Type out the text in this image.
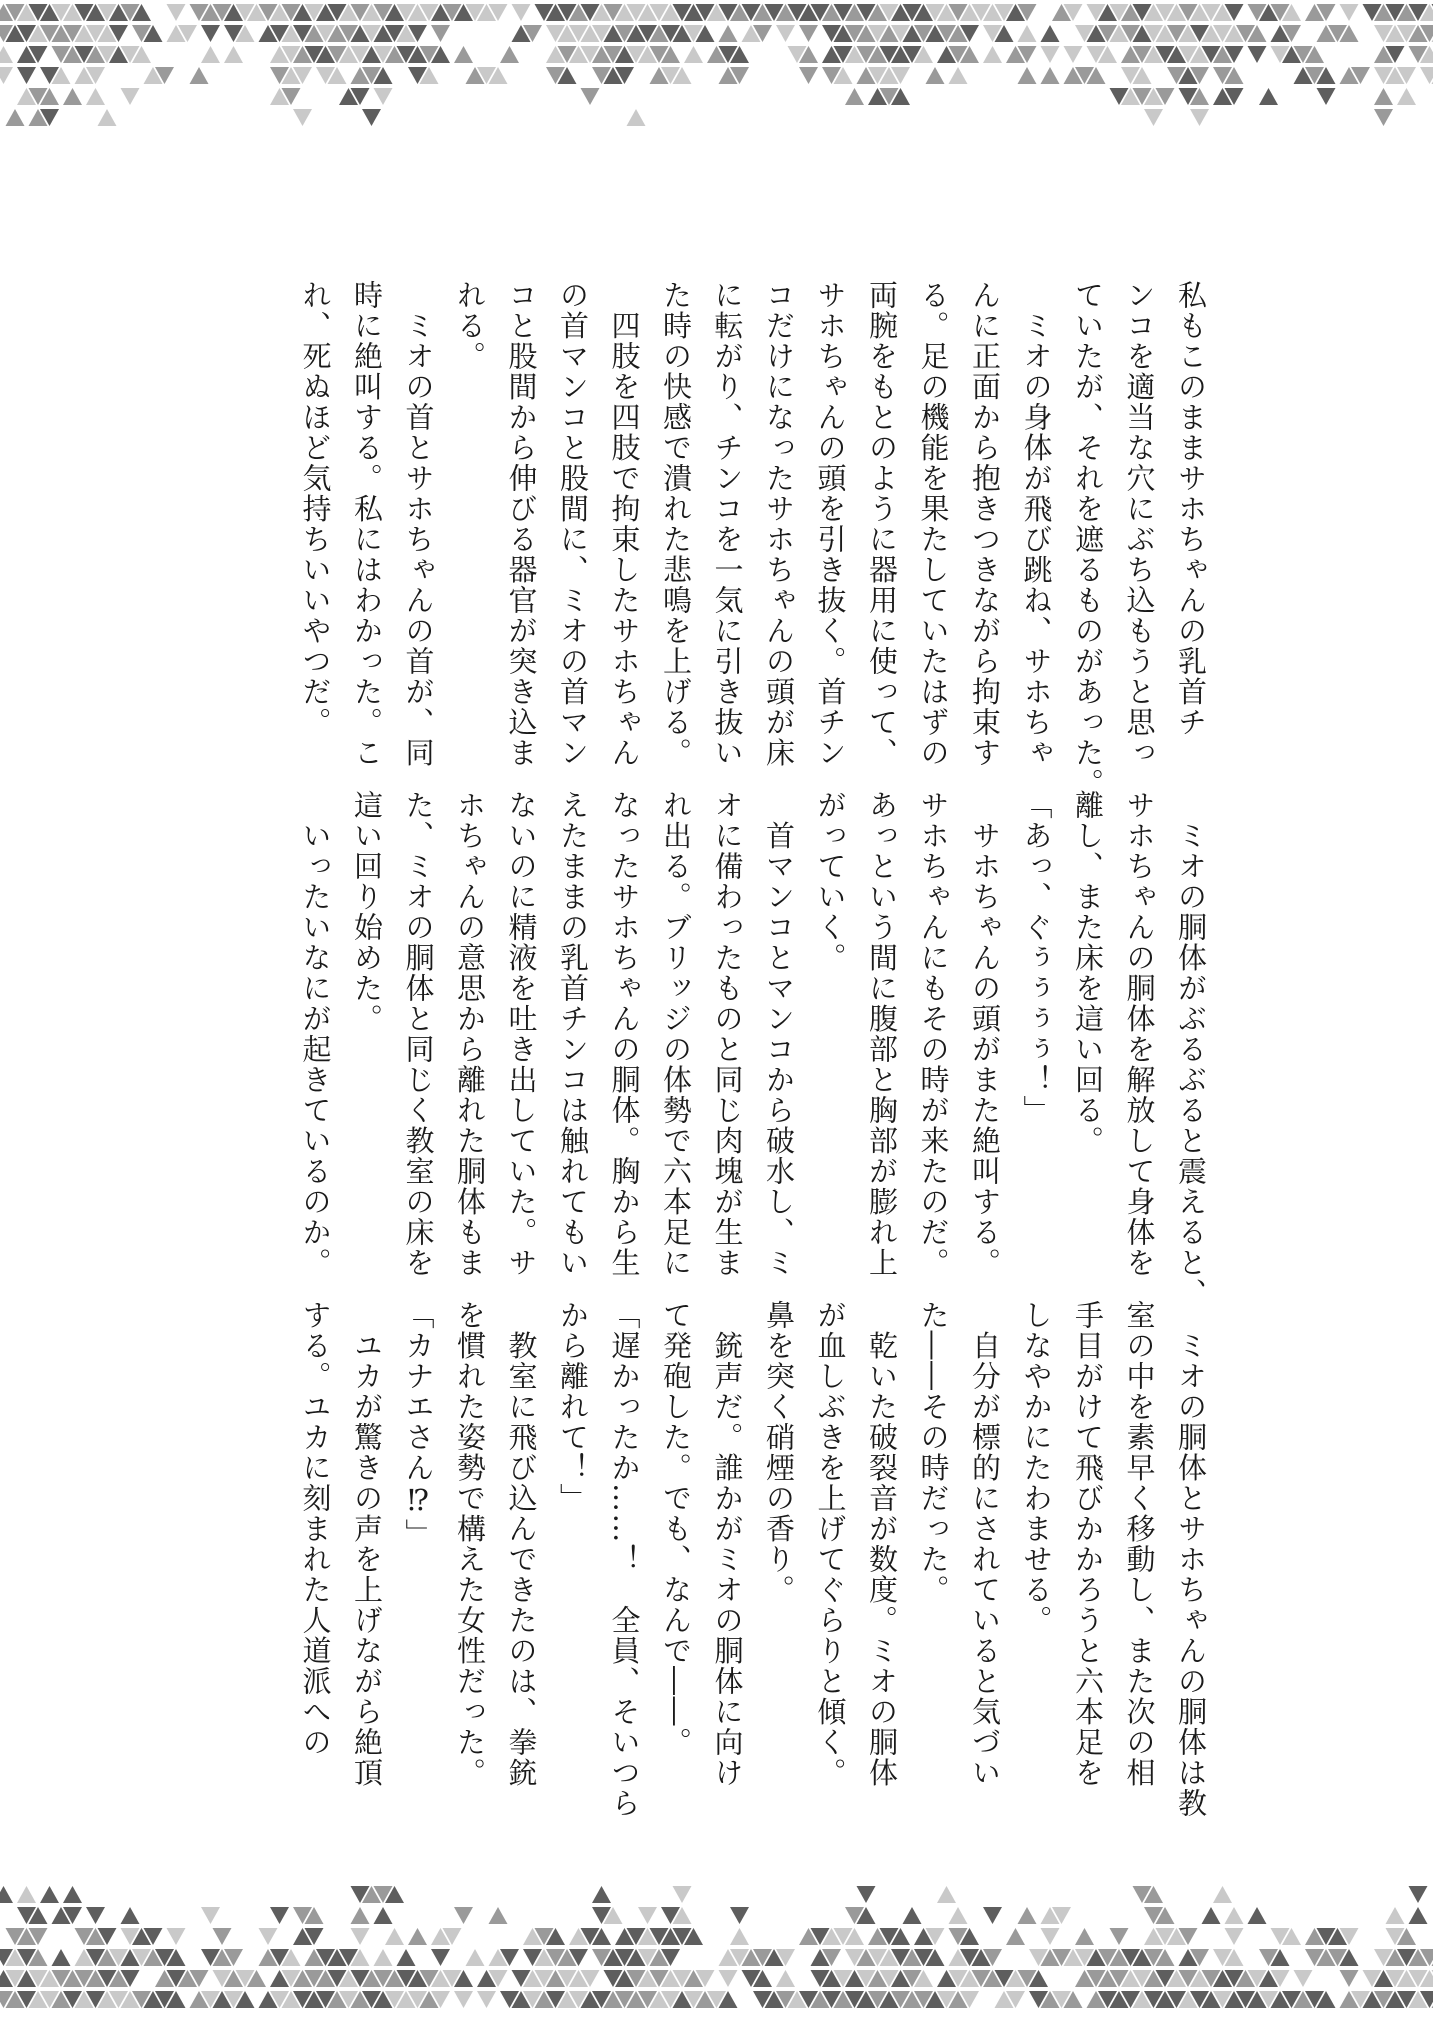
私もこのままサホちゃんの乳首チ

ンコを適当な穴にぶち込もうと思っ

ていたが、それを遮るものがあった。

　ミオの身体が飛び跳ね、サホちゃ

んに正面から抱きつきながら拘束す

る。足の機能を果たしていたはずの

両腕をもとのように器用に使って、

サホちゃんの頭を引き抜く。首チン

コだけになったサホちゃんの頭が床

に転がり、チンコを一気に引き抜い

た時の快感で潰れた悲鳴を上げる。

　四肢を四肢で拘束したサホちゃん

の首マンコと股間に、ミオの首マン

コと股間から伸びる器官が突き込ま

れる。

　ミオの首とサホちゃんの首が、同

時に絶叫する。私にはわかった。こ

れ、死ぬほど気持ちいいやつだ。

　ミオの胴体がぶるぶると震えると、

サホちゃんの胴体を解放して身体を

離し、また床を這い回る。

「あっ、ぐぅぅぅぅ！」

　サホちゃんの頭がまた絶叫する。

サホちゃんにもその時が来たのだ。

あっという間に腹部と胸部が膨れ上

がっていく。

　首マンコとマンコから破水し、ミ

オに備わったものと同じ肉塊が生ま

れ出る。ブリッジの体勢で六本足に

なったサホちゃんの胴体。胸から生

えたままの乳首チンコは触れてもい

ないのに精液を吐き出していた。サ

ホちゃんの意思から離れた胴体もま

た、ミオの胴体と同じく教室の床を

這い回り始めた。

　いったいなにが起きているのか。

　ミオの胴体とサホちゃんの胴体は教

室の中を素早く移動し、また次の相

手目がけて飛びかかろうと六本足を

しなやかにたわませる。

　自分が標的にされていると気づい

た――その時だった。

　乾いた破裂音が数度。ミオの胴体

が血しぶきを上げてぐらりと傾く。

鼻を突く硝煙の香り。

　銃声だ。誰かがミオの胴体に向け

て発砲した。でも、なんで――。

「遅かったか……！　全員、そいつら

から離れて！」

　教室に飛び込んできたのは、拳銃

を慣れた姿勢で構えた女性だった。

「カナエさん⁉」

　ユカが驚きの声を上げながら絶頂

する。ユカに刻まれた人道派への
